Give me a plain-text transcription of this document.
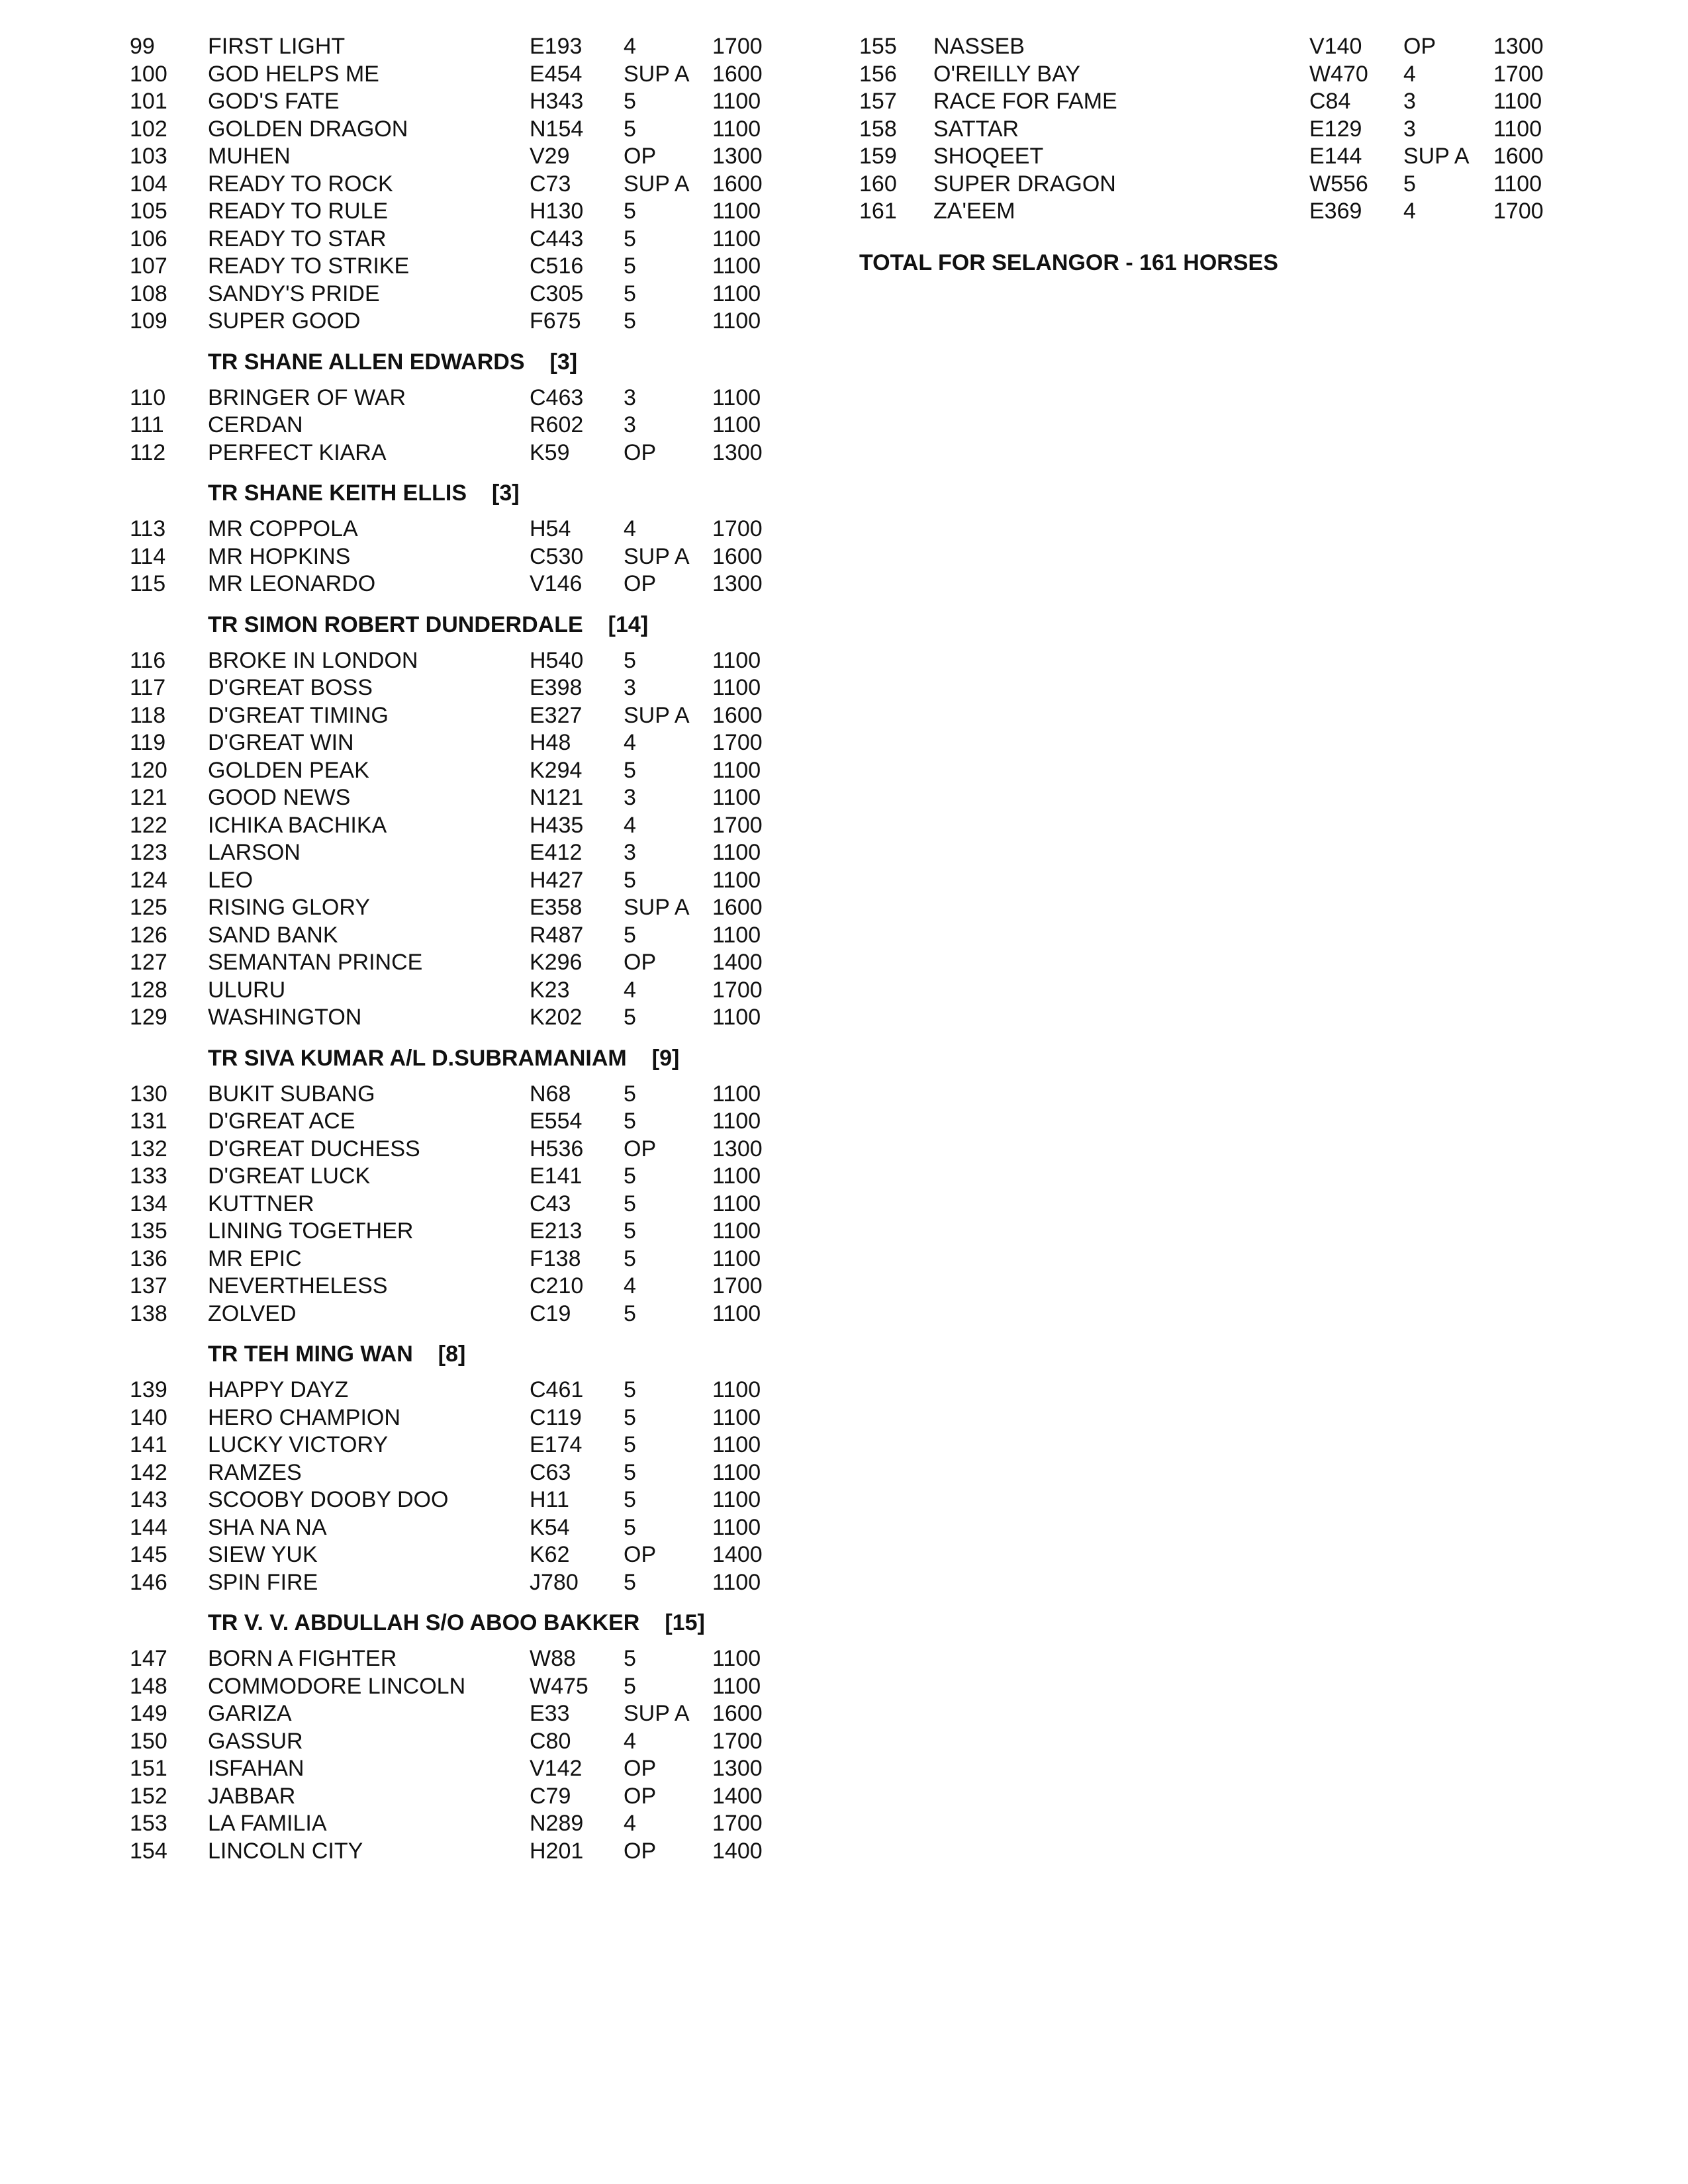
99 FIRST LIGHT	E193 4	1700
100 GOD HELPS ME	E454 SUP A 1600
101 GOD'S FATE	H343 5	1100
102 GOLDEN DRAGON	N154 5	1100
103 MUHEN	V29 OP 1300
104 READY TO ROCK	C73 SUP A 1600
105 READY TO RULE	H130 5	1100
106 READY TO STAR	C443 5	1100
107 READY TO STRIKE	C516 5	1100
108 SANDY'S PRIDE	C305 5	1100
109 SUPER GOOD	F675 5	1100
TR SHANE ALLEN EDWARDS [3]
110 BRINGER OF WAR	C463 3	1100
111 CERDAN	R602 3	1100
112 PERFECT KIARA	K59 OP 1300
TR SHANE KEITH ELLIS [3]
113 MR COPPOLA	H54 4	1700
114 MR HOPKINS	C530 SUP A 1600
115 MR LEONARDO	V146 OP 1300
TR SIMON ROBERT DUNDERDALE [14]
116 BROKE IN LONDON	H540 5	1100
117 D'GREAT BOSS	E398 3	1100
118 D'GREAT TIMING	E327 SUP A 1600
119 D'GREAT WIN	H48 4	1700
120 GOLDEN PEAK	K294 5	1100
121 GOOD NEWS	N121 3	1100
122 ICHIKA BACHIKA	H435 4	1700
123 LARSON	E412 3	1100
124 LEO	H427 5	1100
125 RISING GLORY	E358 SUP A 1600
126 SAND BANK	R487 5	1100
127 SEMANTAN PRINCE	K296 OP 1400
128 ULURU	K23 4	1700
129 WASHINGTON	K202 5	1100
TR SIVA KUMAR A/L D.SUBRAMANIAM [9]
130 BUKIT SUBANG	N68 5	1100
131 D'GREAT ACE	E554 5	1100
132 D'GREAT DUCHESS	H536 OP 1300
133 D'GREAT LUCK	E141 5	1100
134 KUTTNER	C43 5	1100
135 LINING TOGETHER	E213 5	1100
136 MR EPIC	F138 5	1100
137 NEVERTHELESS	C210 4	1700
138 ZOLVED	C19 5	1100
TR TEH MING WAN [8]
139 HAPPY DAYZ	C461 5	1100
140 HERO CHAMPION	C119 5	1100
141 LUCKY VICTORY	E174 5	1100
142 RAMZES	C63 5	1100
143 SCOOBY DOOBY DOO	H11 5	1100
144 SHA NA NA	K54 5	1100
145 SIEW YUK	K62 OP 1400
146 SPIN FIRE	J780 5	1100
TR V. V. ABDULLAH S/O ABOO BAKKER [15]
147 BORN A FIGHTER	W88 5	1100
148 COMMODORE LINCOLN	W475 5	1100
149 GARIZA	E33 SUP A 1600
150 GASSUR	C80 4	1700
151 ISFAHAN	V142 OP 1300
152 JABBAR	C79 OP 1400
153 LA FAMILIA	N289 4	1700
154 LINCOLN CITY	H201 OP 1400
155 NASSEB	V140 OP	1300
156 O'REILLY BAY	W470 4	1700
157 RACE FOR FAME	C84 3	1100
158 SATTAR	E129 3	1100
159 SHOQEET	E144 SUP A 1600
160 SUPER DRAGON	W556 5	1100
161 ZA'EEM	E369 4	1700
TOTAL FOR SELANGOR - 161 HORSES
